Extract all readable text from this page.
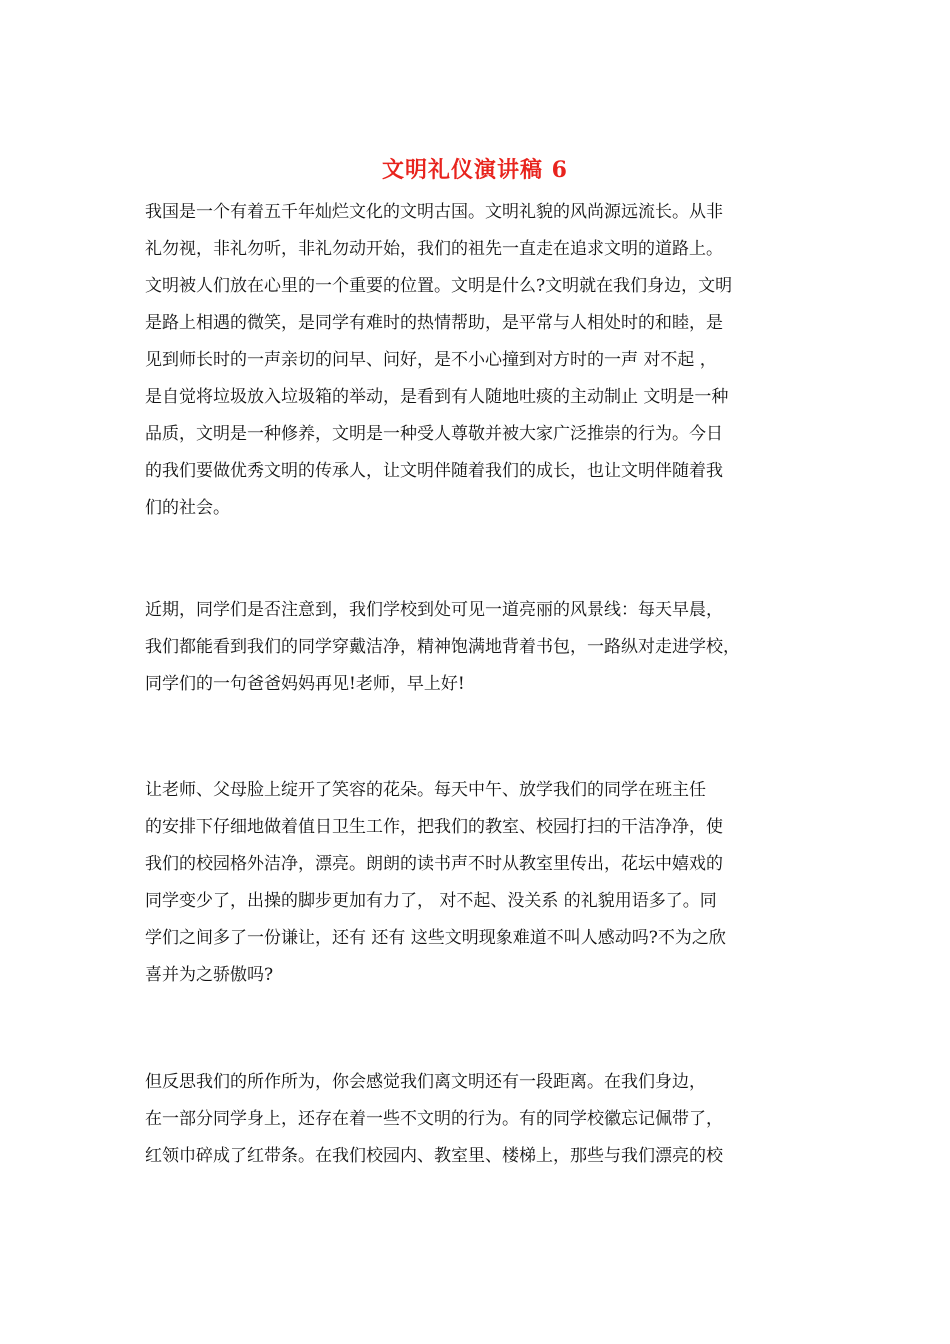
文明礼仪演讲稿 6
我国是一个有着五千年灿烂文化的文明古国。文明礼貌的风尚源远流长。从非
礼勿视，非礼勿听，非礼勿动开始，我们的祖先一直走在追求文明的道路上。
文明被人们放在心里的一个重要的位置。文明是什么?文明就在我们身边，文明
是路上相遇的微笑，是同学有难时的热情帮助，是平常与人相处时的和睦，是
见到师长时的一声亲切的问早、问好，是不小心撞到对方时的一声 对不起 ，
是自觉将垃圾放入垃圾箱的举动，是看到有人随地吐痰的主动制止 文明是一种
品质，文明是一种修养，文明是一种受人尊敬并被大家广泛推崇的行为。今日
的我们要做优秀文明的传承人，让文明伴随着我们的成长，也让文明伴随着我
们的社会。
近期，同学们是否注意到，我们学校到处可见一道亮丽的风景线：每天早晨，
我们都能看到我们的同学穿戴洁净，精神饱满地背着书包，一路纵对走进学校，
同学们的一句爸爸妈妈再见!老师，早上好!
让老师、父母脸上绽开了笑容的花朵。每天中午、放学我们的同学在班主任
的安排下仔细地做着值日卫生工作，把我们的教室、校园打扫的干洁净净，使
我们的校园格外洁净，漂亮。朗朗的读书声不时从教室里传出，花坛中嬉戏的
同学变少了，出操的脚步更加有力了， 对不起、没关系 的礼貌用语多了。同
学们之间多了一份谦让，还有 还有 这些文明现象难道不叫人感动吗?不为之欣
喜并为之骄傲吗?
但反思我们的所作所为，你会感觉我们离文明还有一段距离。在我们身边，
在一部分同学身上，还存在着一些不文明的行为。有的同学校徽忘记佩带了，
红领巾碎成了红带条。在我们校园内、教室里、楼梯上，那些与我们漂亮的校
